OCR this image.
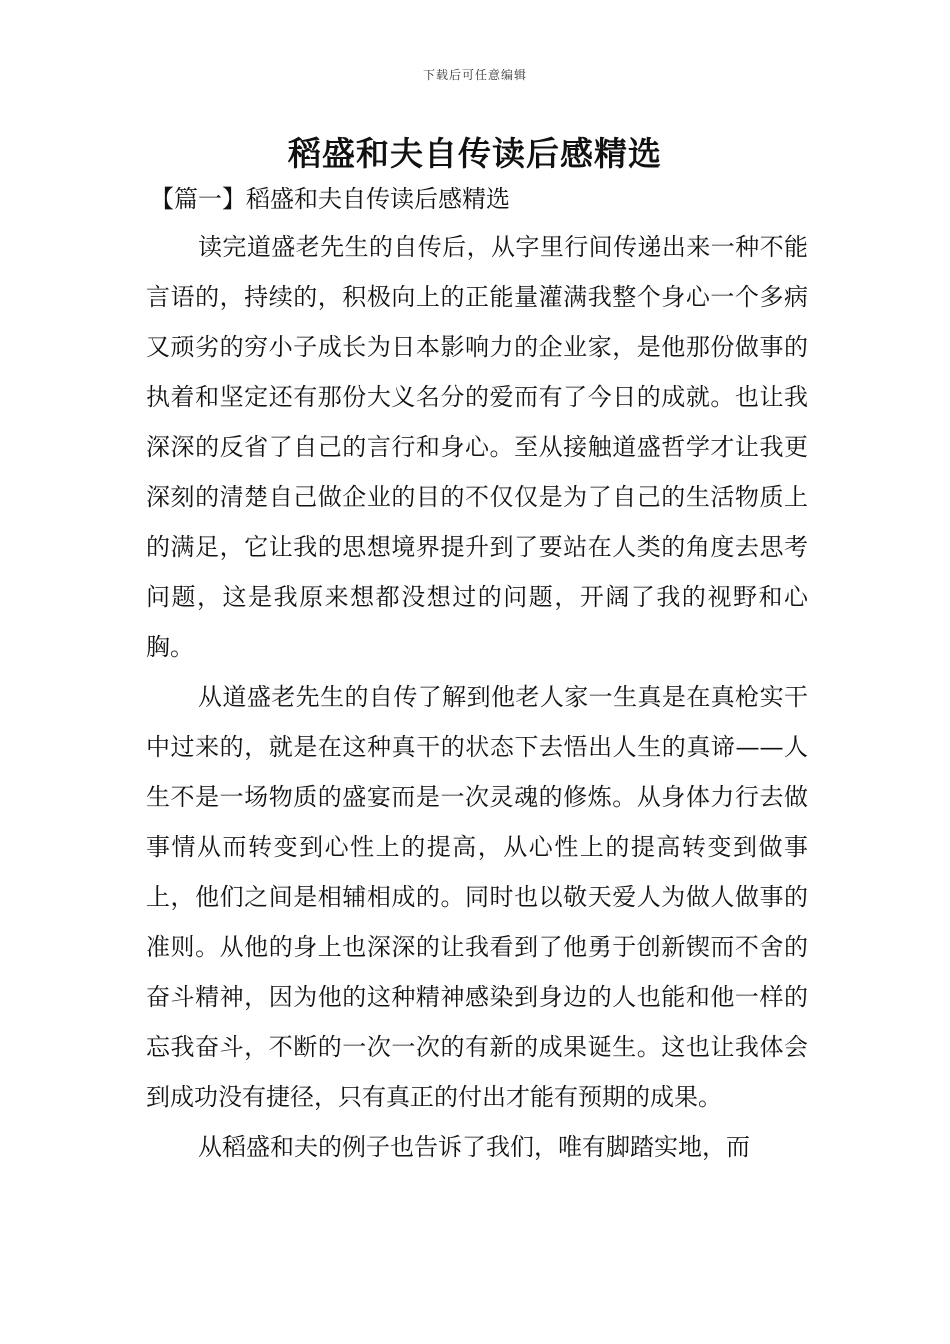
下载后可任意编辑
稻盛和夫自传读后感精选
【篇一】稻盛和夫自传读后感精选

读完道盛老先生的自传后，从字里行间传递出来一种不能言语的，持续的，积极向上的正能量灌满我整个身心一个多病又顽劣的穷小子成长为日本影响力的企业家，是他那份做事的执着和坚定还有那份大义名分的爱而有了今日的成就。也让我深深的反省了自己的言行和身心。至从接触道盛哲学才让我更深刻的清楚自己做企业的目的不仅仅是为了自己的生活物质上的满足，它让我的思想境界提升到了要站在人类的角度去思考问题，这是我原来想都没想过的问题，开阔了我的视野和心胸。

从道盛老先生的自传了解到他老人家一生真是在真枪实干中过来的，就是在这种真干的状态下去悟出人生的真谛——人生不是一场物质的盛宴而是一次灵魂的修炼。从身体力行去做事情从而转变到心性上的提高，从心性上的提高转变到做事上，他们之间是相辅相成的。同时也以敬天爱人为做人做事的准则。从他的身上也深深的让我看到了他勇于创新锲而不舍的奋斗精神，因为他的这种精神感染到身边的人也能和他一样的忘我奋斗，不断的一次一次的有新的成果诞生。这也让我体会到成功没有捷径，只有真正的付出才能有预期的成果。

从稻盛和夫的例子也告诉了我们，唯有脚踏实地，而
